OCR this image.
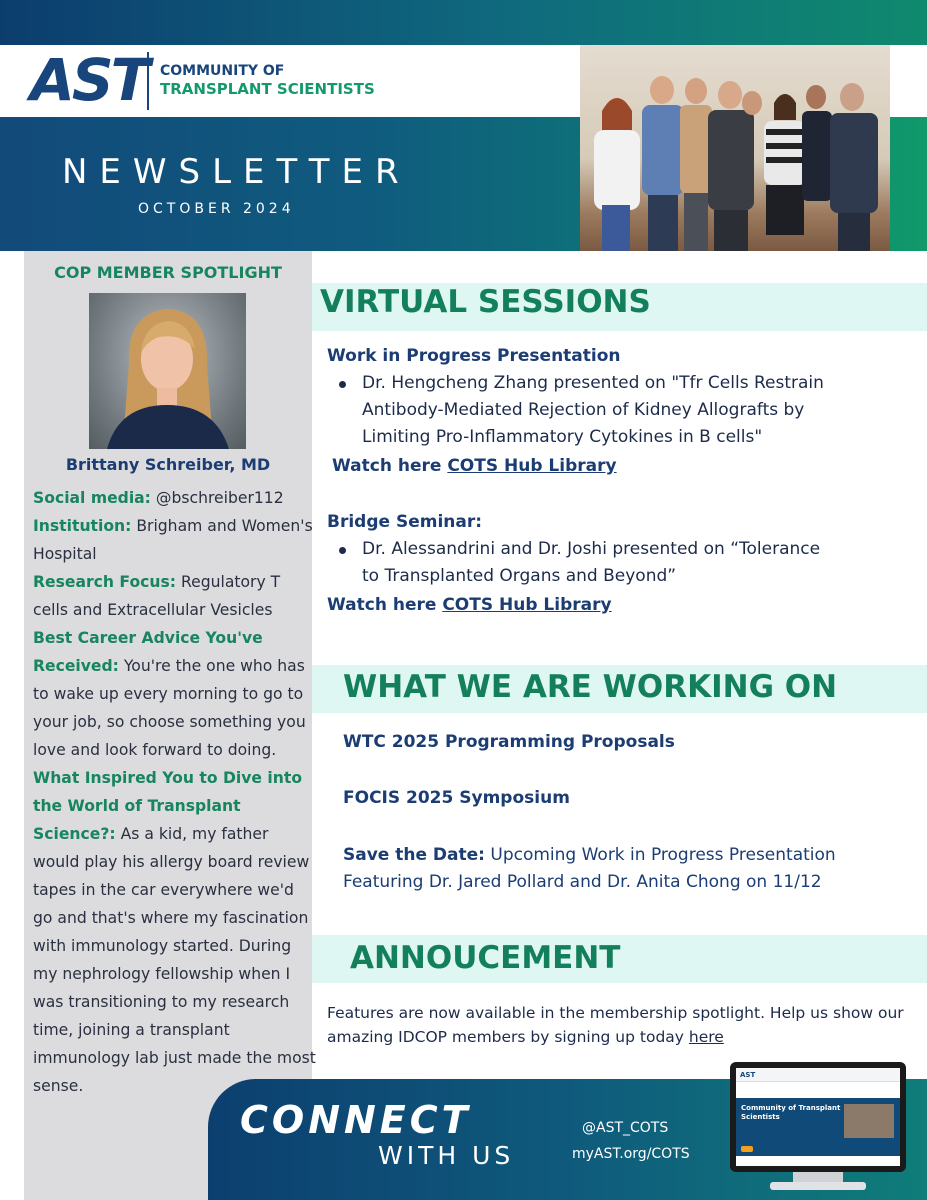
AST COMMUNITY OF
TRANSPLANT SCIENTISTS
NEWSLETTER
OCTOBER 2024
COP MEMBER SPOTLIGHT
Brittany Schreiber, MD
Social media: @bschreiber112
Institution: Brigham and Women's Hospital
Research Focus: Regulatory T cells and Extracellular Vesicles
Best Career Advice You've Received: You're the one who has to wake up every morning to go to your job, so choose something you love and look forward to doing.
What Inspired You to Dive into the World of Transplant Science?: As a kid, my father would play his allergy board review tapes in the car everywhere we'd go and that's where my fascination with immunology started. During my nephrology fellowship when I was transitioning to my research time, joining a transplant immunology lab just made the most sense.
VIRTUAL SESSIONS
Work in Progress Presentation
Dr. Hengcheng Zhang presented on "Tfr Cells Restrain
Antibody-Mediated Rejection of Kidney Allografts by
Limiting Pro-Inflammatory Cytokines in B cells"
Watch here COTS Hub Library
Bridge Seminar:
Dr. Alessandrini and Dr. Joshi presented on “Tolerance
to Transplanted Organs and Beyond”
Watch here COTS Hub Library
WHAT WE ARE WORKING ON
WTC 2025 Programming Proposals
FOCIS 2025 Symposium
Save the Date: Upcoming Work in Progress Presentation
Featuring Dr. Jared Pollard and Dr. Anita Chong on 11/12
ANNOUCEMENT
Features are now available in the membership spotlight. Help us show our
amazing IDCOP members by signing up today here
CONNECT
WITH US
@AST_COTS
myAST.org/COTS
AST
Community of Transplant
Scientists
